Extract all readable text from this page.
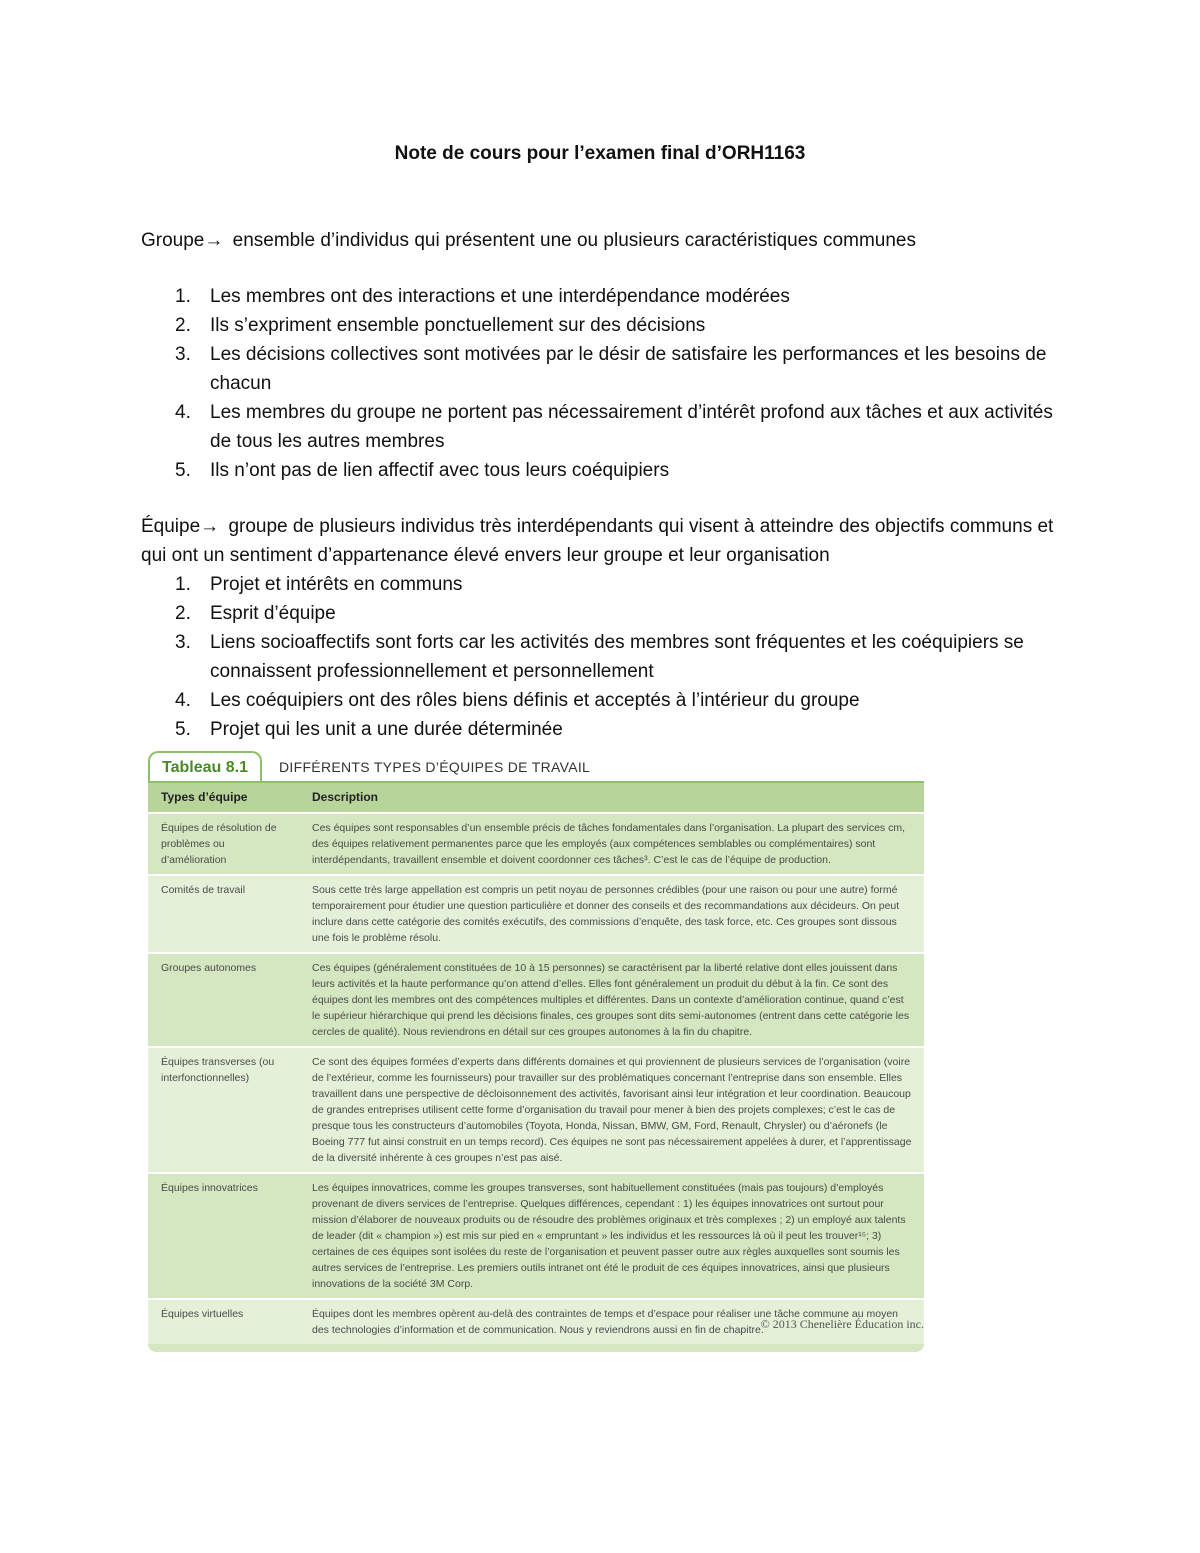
Note de cours pour l’examen final d’ORH1163

Groupe→ ensemble d’individus qui présentent une ou plusieurs caractéristiques communes

1. Les membres ont des interactions et une interdépendance modérées
2. Ils s’expriment ensemble ponctuellement sur des décisions
3. Les décisions collectives sont motivées par le désir de satisfaire les performances et les besoins de chacun
4. Les membres du groupe ne portent pas nécessairement d’intérêt profond aux tâches et aux activités de tous les autres membres
5. Ils n’ont pas de lien affectif avec tous leurs coéquipiers

Équipe→ groupe de plusieurs individus très interdépendants qui visent à atteindre des objectifs communs et qui ont un sentiment d’appartenance élevé envers leur groupe et leur organisation

1. Projet et intérêts en communs
2. Esprit d’équipe
3. Liens socioaffectifs sont forts car les activités des membres sont fréquentes et les coéquipiers se connaissent professionnellement et personnellement
4. Les coéquipiers ont des rôles biens définis et acceptés à l’intérieur du groupe
5. Projet qui les unit a une durée déterminée
Tableau 8.1	DIFFÉRENTS TYPES D’ÉQUIPES DE TRAVAIL
Types d’équipe	Description
Équipes de résolution de problèmes ou d’amélioration	Ces équipes sont responsables d’un ensemble précis de tâches fondamentales dans l’organisation. La plupart des services cm, des équipes relativement permanentes parce que les employés (aux compétences semblables ou complémentaires) sont interdépendants, travaillent ensemble et doivent coordonner ces tâches³. C’est le cas de l’équipe de production.
Comités de travail	Sous cette très large appellation est compris un petit noyau de personnes crédibles (pour une raison ou pour une autre) formé temporairement pour étudier une question particulière et donner des conseils et des recommandations aux décideurs. On peut inclure dans cette catégorie des comités exécutifs, des commissions d’enquête, des task force, etc. Ces groupes sont dissous une fois le problème résolu.
Groupes autonomes	Ces équipes (généralement constituées de 10 à 15 personnes) se caractérisent par la liberté relative dont elles jouissent dans leurs activités et la haute performance qu’on attend d’elles. Elles font généralement un produit du début à la fin. Ce sont des équipes dont les membres ont des compétences multiples et différentes. Dans un contexte d’amélioration continue, quand c’est le supérieur hiérarchique qui prend les décisions finales, ces groupes sont dits semi-autonomes (entrent dans cette catégorie les cercles de qualité). Nous reviendrons en détail sur ces groupes autonomes à la fin du chapitre.
Équipes transverses (ou interfonctionnelles)	Ce sont des équipes formées d’experts dans différents domaines et qui proviennent de plusieurs services de l’organisation (voire de l’extérieur, comme les fournisseurs) pour travailler sur des problématiques concernant l’entreprise dans son ensemble. Elles travaillent dans une perspective de décloisonnement des activités, favorisant ainsi leur intégration et leur coordination. Beaucoup de grandes entreprises utilisent cette forme d’organisation du travail pour mener à bien des projets complexes; c’est le cas de presque tous les constructeurs d’automobiles (Toyota, Honda, Nissan, BMW, GM, Ford, Renault, Chrysler) ou d’aéronefs (le Boeing 777 fut ainsi construit en un temps record). Ces équipes ne sont pas nécessairement appelées à durer, et l’apprentissage de la diversité inhérente à ces groupes n’est pas aisé.
Équipes innovatrices	Les équipes innovatrices, comme les groupes transverses, sont habituellement constituées (mais pas toujours) d’employés provenant de divers services de l’entreprise. Quelques différences, cependant : 1) les équipes innovatrices ont surtout pour mission d’élaborer de nouveaux produits ou de résoudre des problèmes originaux et très complexes ; 2) un employé aux talents de leader (dit « champion ») est mis sur pied en « empruntant » les individus et les ressources là où il peut les trouver¹⁵; 3) certaines de ces équipes sont isolées du reste de l’organisation et peuvent passer outre aux règles auxquelles sont soumis les autres services de l’entreprise. Les premiers outils intranet ont été le produit de ces équipes innovatrices, ainsi que plusieurs innovations de la société 3M Corp.
Équipes virtuelles	Équipes dont les membres opèrent au-delà des contraintes de temps et d’espace pour réaliser une tâche commune au moyen des technologies d’information et de communication. Nous y reviendrons aussi en fin de chapitre.
© 2013 Chenelière Éducation inc.
